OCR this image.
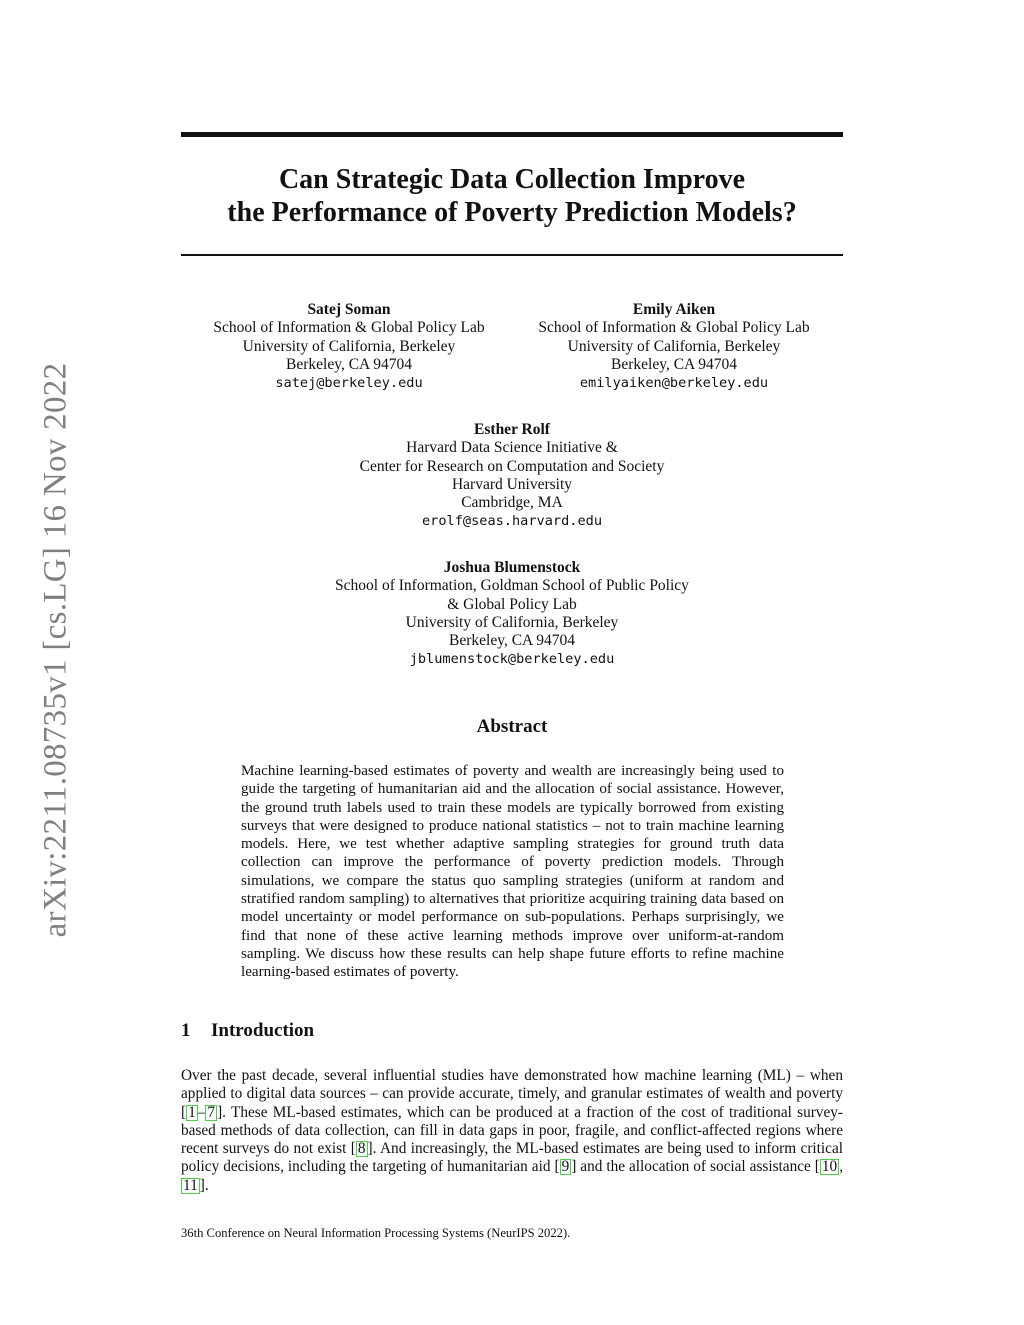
arXiv:2211.08735v1 [cs.LG] 16 Nov 2022
Can Strategic Data Collection Improve
the Performance of Poverty Prediction Models?
Satej Soman
School of Information & Global Policy Lab
University of California, Berkeley
Berkeley, CA 94704
satej@berkeley.edu
Emily Aiken
School of Information & Global Policy Lab
University of California, Berkeley
Berkeley, CA 94704
emilyaiken@berkeley.edu
Esther Rolf
Harvard Data Science Initiative &
Center for Research on Computation and Society
Harvard University
Cambridge, MA
erolf@seas.harvard.edu
Joshua Blumenstock
School of Information, Goldman School of Public Policy
& Global Policy Lab
University of California, Berkeley
Berkeley, CA 94704
jblumenstock@berkeley.edu
Abstract

Machine learning-based estimates of poverty and wealth are increasingly being used to guide the targeting of humanitarian aid and the allocation of social assistance. However, the ground truth labels used to train these models are typically borrowed from existing surveys that were designed to produce national statistics – not to train machine learning models. Here, we test whether adaptive sampling strategies for ground truth data collection can improve the performance of poverty prediction models. Through simulations, we compare the status quo sampling strategies (uniform at random and stratified random sampling) to alternatives that prioritize acquiring training data based on model uncertainty or model performance on sub-populations. Perhaps surprisingly, we find that none of these active learning methods improve over uniform-at-random sampling. We discuss how these results can help shape future efforts to refine machine learning-based estimates of poverty.

1 Introduction

Over the past decade, several influential studies have demonstrated how machine learning (ML) – when applied to digital data sources – can provide accurate, timely, and granular estimates of wealth and poverty [ 1 – 7 ]. These ML-based estimates, which can be produced at a fraction of the cost of traditional survey-based methods of data collection, can fill in data gaps in poor, fragile, and conflict-affected regions where recent surveys do not exist [ 8 ]. And increasingly, the ML-based estimates are being used to inform critical policy decisions, including the targeting of humanitarian aid [ 9 ] and the allocation of social assistance [ 10 , 11 ].

36th Conference on Neural Information Processing Systems (NeurIPS 2022).
